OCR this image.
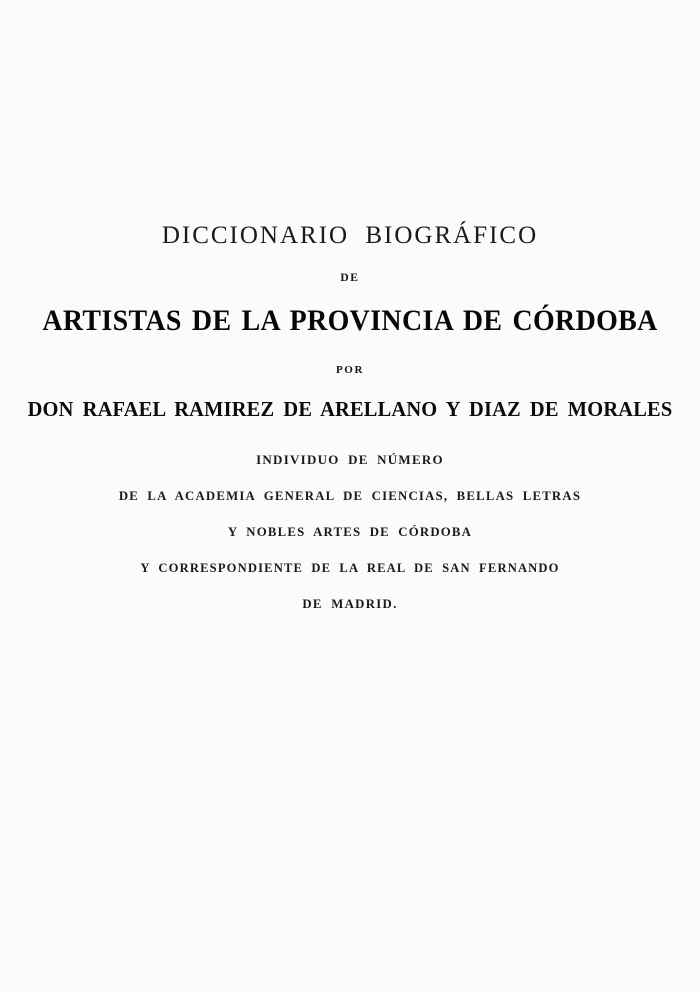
DICCIONARIO BIOGRÁFICO
DE
ARTISTAS DE LA PROVINCIA DE CÓRDOBA
POR
DON RAFAEL RAMIREZ DE ARELLANO Y DIAZ DE MORALES
INDIVIDUO DE NÚMERO
DE LA ACADEMIA GENERAL DE CIENCIAS, BELLAS LETRAS
Y NOBLES ARTES DE CÓRDOBA
Y CORRESPONDIENTE DE LA REAL DE SAN FERNANDO
DE MADRID.
